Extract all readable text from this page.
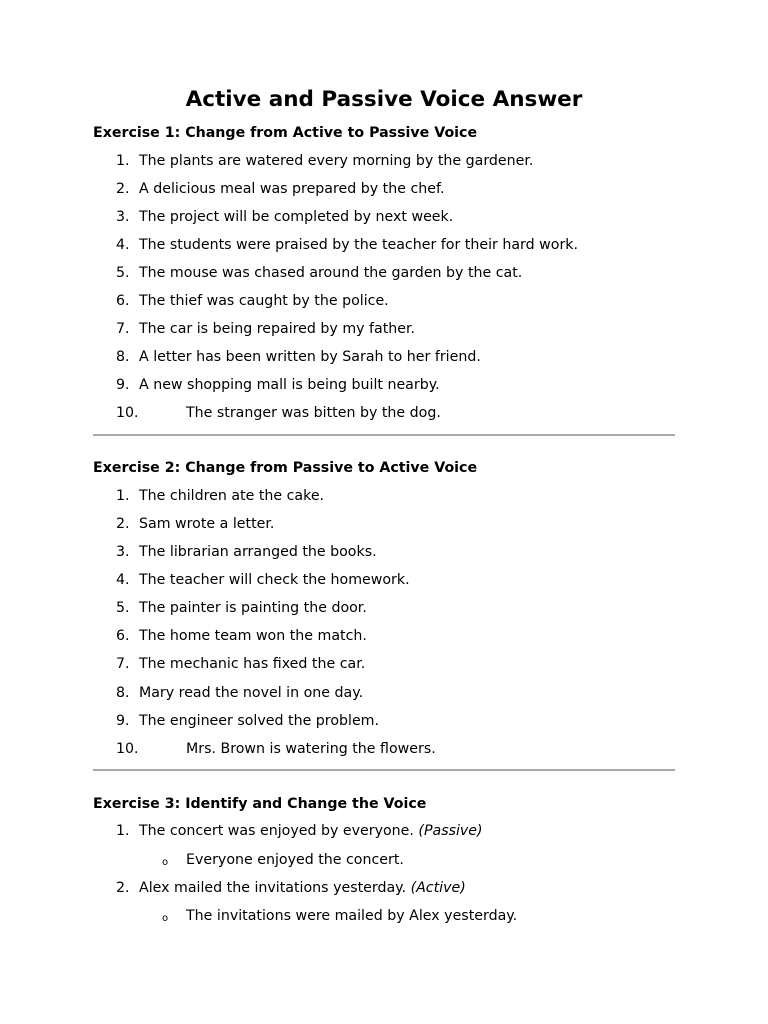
Active and Passive Voice Answer
Exercise 1: Change from Active to Passive Voice
1. The plants are watered every morning by the gardener.
2. A delicious meal was prepared by the chef.
3. The project will be completed by next week.
4. The students were praised by the teacher for their hard work.
5. The mouse was chased around the garden by the cat.
6. The thief was caught by the police.
7. The car is being repaired by my father.
8. A letter has been written by Sarah to her friend.
9. A new shopping mall is being built nearby.
10.	The stranger was bitten by the dog.
Exercise 2: Change from Passive to Active Voice
1. The children ate the cake.
2. Sam wrote a letter.
3. The librarian arranged the books.
4. The teacher will check the homework.
5. The painter is painting the door.
6. The home team won the match.
7. The mechanic has fixed the car.
8. Mary read the novel in one day.
9. The engineer solved the problem.
10.	Mrs. Brown is watering the flowers.
Exercise 3: Identify and Change the Voice
1. The concert was enjoyed by everyone. (Passive)
o Everyone enjoyed the concert.
2. Alex mailed the invitations yesterday. (Active)
o The invitations were mailed by Alex yesterday.
